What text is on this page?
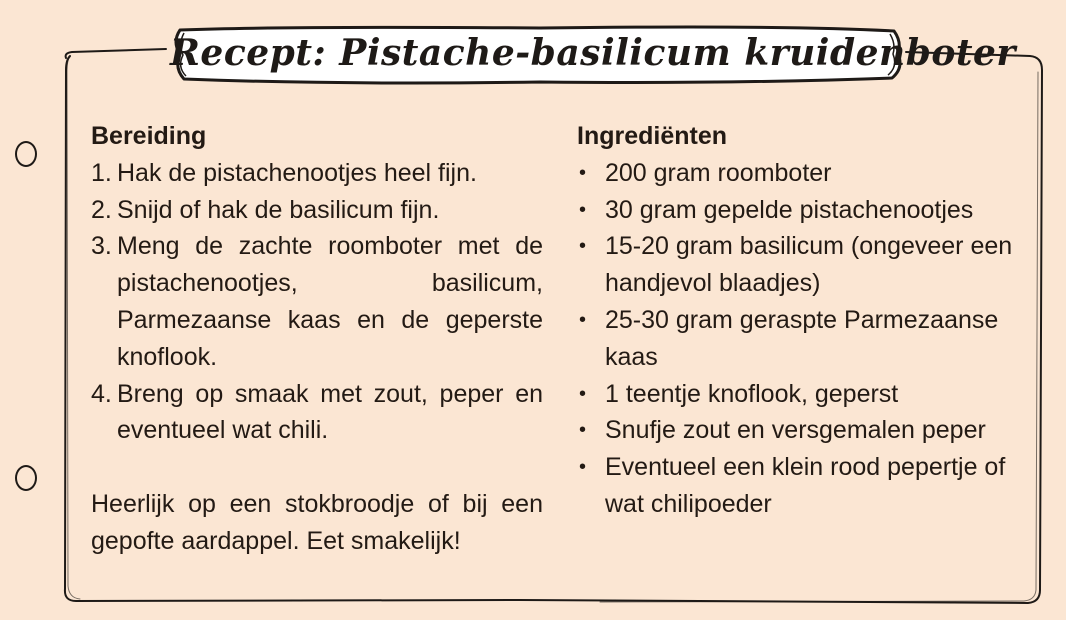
Recept: Pistache-basilicum kruidenboter
Bereiding
1. Hak de pistachenootjes heel fijn.
2. Snijd of hak de basilicum fijn.
3. Meng de zachte roomboter met de pistachenootjes, basilicum, Parmezaanse kaas en de geperste knoflook.
4. Breng op smaak met zout, peper en eventueel wat chili.
Heerlijk op een stokbroodje of bij een gepofte aardappel. Eet smakelijk!
Ingrediënten
• 200 gram roomboter
• 30 gram gepelde pistachenootjes
• 15-20 gram basilicum (ongeveer een handjevol blaadjes)
• 25-30 gram geraspte Parmezaanse kaas
• 1 teentje knoflook, geperst
• Snufje zout en versgemalen peper
• Eventueel een klein rood pepertje of wat chilipoeder
